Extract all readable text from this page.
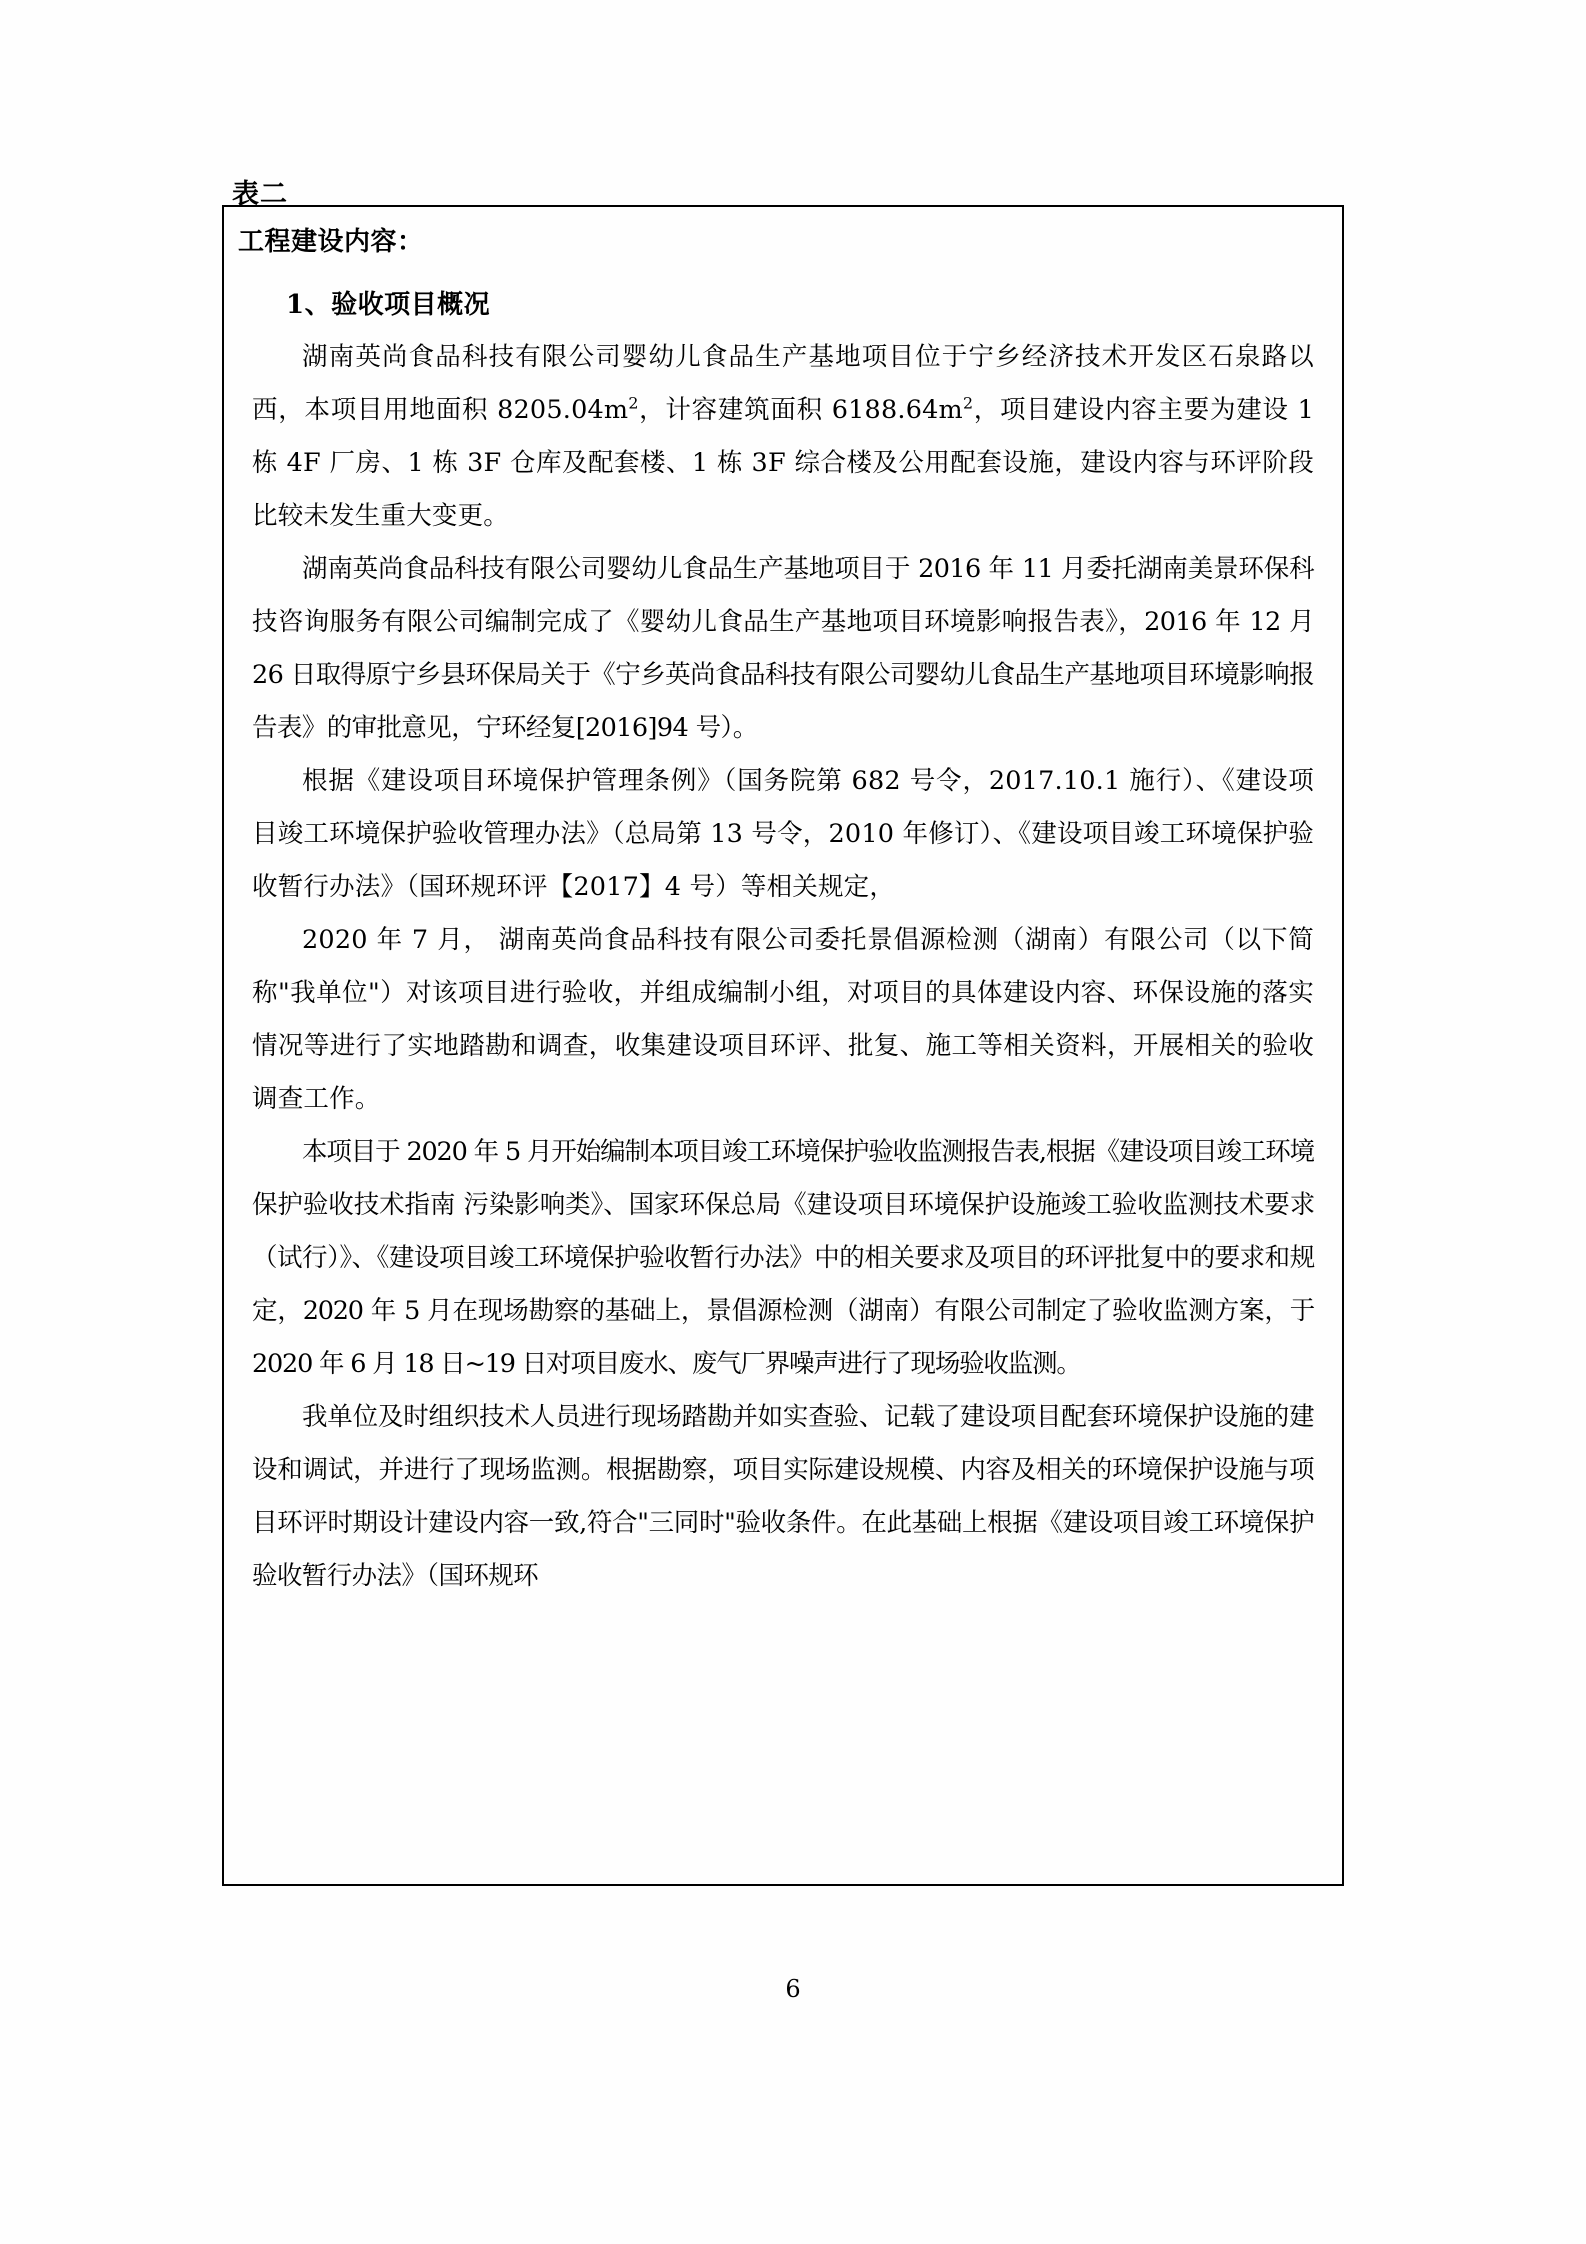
表二
工程建设内容：
1、验收项目概况

湖南英尚食品科技有限公司婴幼儿食品生产基地项目位于宁乡经济技术开发区石泉路以西，本项目用地面积 $8205.04m^2$，计容建筑面积 $6188.64m^2$，项目建设内容主要为建设 1 栋 4F 厂房、1 栋 3F 仓库及配套楼、1 栋 3F 综合楼及公用配套设施，建设内容与环评阶段比较未发生重大变更。

湖南英尚食品科技有限公司婴幼儿食品生产基地项目于 2016 年 11 月委托湖南美景环保科技咨询服务有限公司编制完成了《婴幼儿食品生产基地项目环境影响报告表》，2016 年 12 月 26 日取得原宁乡县环保局关于《宁乡英尚食品科技有限公司婴幼儿食品生产基地项目环境影响报告表》的审批意见，宁环经复[2016]94 号）。

根据《建设项目环境保护管理条例》（国务院第 682 号令，2017.10.1 施行）、《建设项目竣工环境保护验收管理办法》（总局第 13 号令，2010 年修订）、《建设项目竣工环境保护验收暂行办法》（国环规环评【2017】4 号）等相关规定，

2020 年 7 月， 湖南英尚食品科技有限公司委托景倡源检测（湖南）有限公司（以下简称"我单位"）对该项目进行验收，并组成编制小组，对项目的具体建设内容、环保设施的落实情况等进行了实地踏勘和调查，收集建设项目环评、批复、施工等相关资料，开展相关的验收调查工作。

本项目于 2020 年 5 月开始编制本项目竣工环境保护验收监测报告表,根据《建设项目竣工环境保护验收技术指南 污染影响类》、国家环保总局《建设项目环境保护设施竣工验收监测技术要求（试行）》、《建设项目竣工环境保护验收暂行办法》中的相关要求及项目的环评批复中的要求和规定，2020 年 5 月在现场勘察的基础上，景倡源检测（湖南）有限公司制定了验收监测方案，于 2020 年 6 月 18 日~19 日对项目废水、废气厂界噪声进行了现场验收监测。

我单位及时组织技术人员进行现场踏勘并如实查验、记载了建设项目配套环境保护设施的建设和调试，并进行了现场监测。根据勘察，项目实际建设规模、内容及相关的环境保护设施与项目环评时期设计建设内容一致,符合"三同时"验收条件。在此基础上根据《建设项目竣工环境保护验收暂行办法》（国环规环

6
